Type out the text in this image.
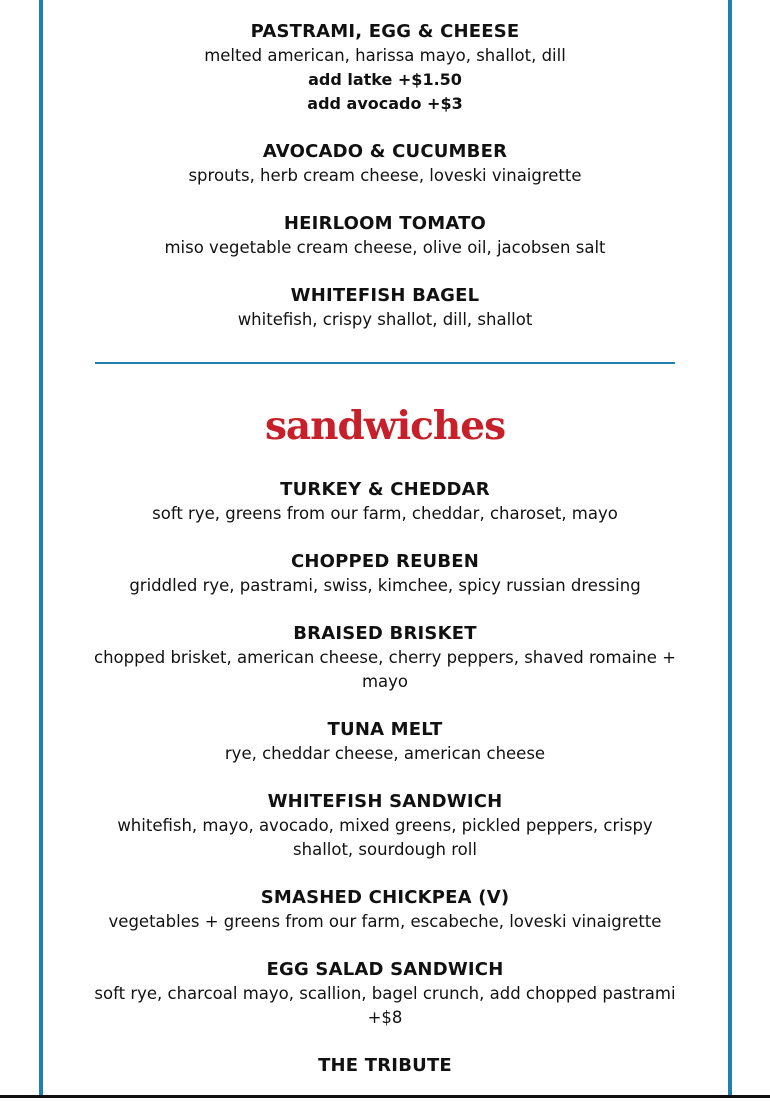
PASTRAMI, EGG & CHEESE
melted american, harissa mayo, shallot, dill
add latke +$1.50
add avocado +$3
AVOCADO & CUCUMBER
sprouts, herb cream cheese, loveski vinaigrette
HEIRLOOM TOMATO
miso vegetable cream cheese, olive oil, jacobsen salt
WHITEFISH BAGEL
whitefish, crispy shallot, dill, shallot
sandwiches
TURKEY & CHEDDAR
soft rye, greens from our farm, cheddar, charoset, mayo
CHOPPED REUBEN
griddled rye, pastrami, swiss, kimchee, spicy russian dressing
BRAISED BRISKET
chopped brisket, american cheese, cherry peppers, shaved romaine + mayo
TUNA MELT
rye, cheddar cheese, american cheese
WHITEFISH SANDWICH
whitefish, mayo, avocado, mixed greens, pickled peppers, crispy shallot, sourdough roll
SMASHED CHICKPEA (V)
vegetables + greens from our farm, escabeche, loveski vinaigrette
EGG SALAD SANDWICH
soft rye, charcoal mayo, scallion, bagel crunch, add chopped pastrami +$8
THE TRIBUTE
